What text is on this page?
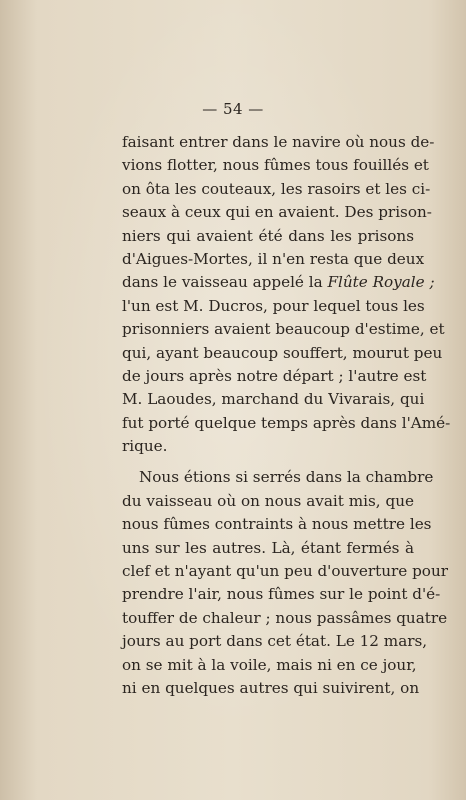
— 54 —
faisant entrer dans le navire où nous de-
vions flotter, nous fûmes tous fouillés et
on ôta les couteaux, les rasoirs et les ci-
seaux à ceux qui en avaient. Des prison-
niers qui avaient été dans les prisons
d'Aigues-Mortes, il n'en resta que deux
dans le vaisseau appelé la Flûte Royale ;
l'un est M. Ducros, pour lequel tous les
prisonniers avaient beaucoup d'estime, et
qui, ayant beaucoup souffert, mourut peu
de jours après notre départ ; l'autre est
M. Laoudes, marchand du Vivarais, qui
fut porté quelque temps après dans l'Amé-
rique.
Nous étions si serrés dans la chambre
du vaisseau où on nous avait mis, que
nous fûmes contraints à nous mettre les
uns sur les autres. Là, étant fermés à
clef et n'ayant qu'un peu d'ouverture pour
prendre l'air, nous fûmes sur le point d'é-
touffer de chaleur ; nous passâmes quatre
jours au port dans cet état. Le 12 mars,
on se mit à la voile, mais ni en ce jour,
ni en quelques autres qui suivirent, on
